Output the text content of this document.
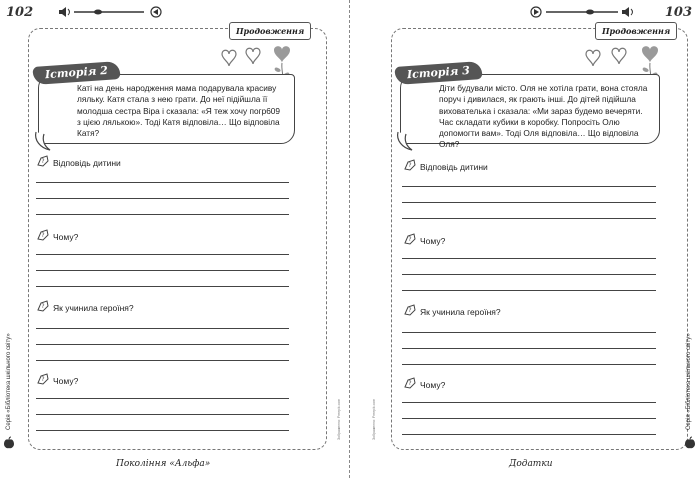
102
Продовження
Історія 2
Каті на день народження мама подарувала красиву ляльку. Катя стала з нею грати. До неї підійшла її молодша сестра Віра і сказала: «Я теж хочу погр609 з цією лялькою». Тоді Катя відповіла… Що відповіла Катя?
? Відповідь дитини
? Чому?
? Як учинила героїня?
? Чому?
Серія «Бібліотека шкільного світу»	Зображення: Freepik.com
Покоління «Альфа»
103
Продовження
Історія 3
Діти будували місто. Оля не хотіла грати, вона стояла поруч і дивилася, як грають інші. До дітей підійшла вихователька і сказала: «Ми зараз будемо вечеряти. Час складати кубики в коробку. Попросіть Олю допомогти вам». Тоді Оля відповіла… Що відповіла Оля?
? Відповідь дитини
? Чому?
? Як учинила героїня?
? Чому?
Зображення: Freepik.com	Серія «Бібліотека шкільного світу»
Додатки
